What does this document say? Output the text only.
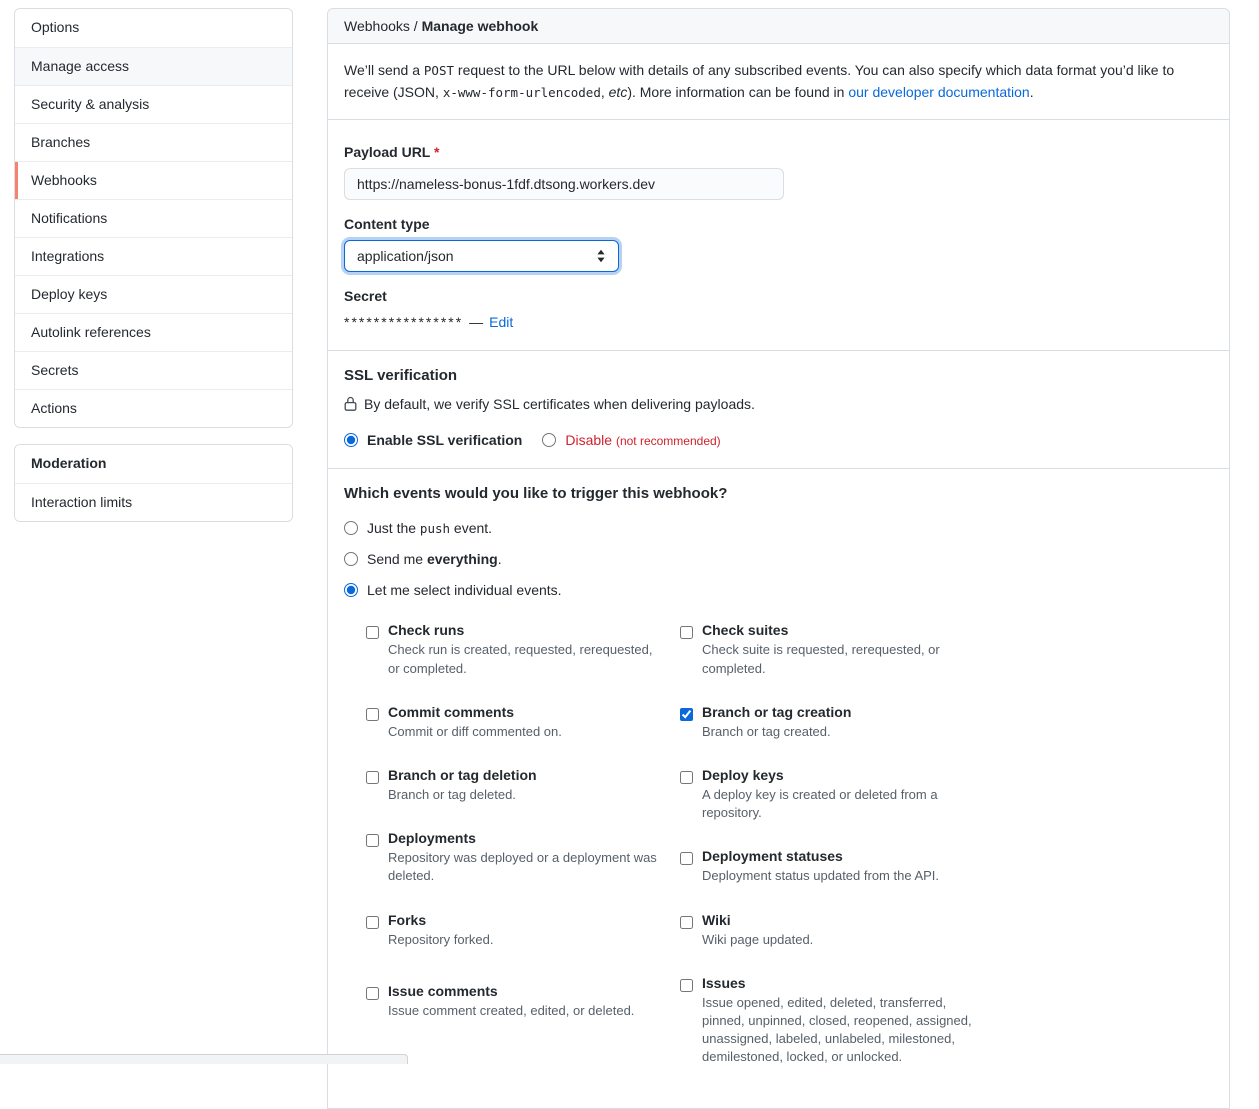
Options
Manage access
Security & analysis
Branches
Webhooks
Notifications
Integrations
Deploy keys
Autolink references
Secrets
Actions
Moderation
Interaction limits
Webhooks / Manage webhook

We’ll send a POST request to the URL below with details of any subscribed events. You can also specify which data format you’d like to receive (JSON, x-www-form-urlencoded, etc). More information can be found in our developer documentation.

Payload URL *
https://nameless-bonus-1fdf.dtsong.workers.dev
Content type
application/json
Secret
**************** — Edit
SSL verification
By default, we verify SSL certificates when delivering payloads.
Enable SSL verification	Disable (not recommended)
Which events would you like to trigger this webhook?
Just the push event.
Send me everything.
Let me select individual events.
Check runs
Check run is created, requested, rerequested, or completed.
Commit comments
Commit or diff commented on.
Branch or tag deletion
Branch or tag deleted.
Deployments
Repository was deployed or a deployment was deleted.
Forks
Repository forked.
Issue comments
Issue comment created, edited, or deleted.
Check suites
Check suite is requested, rerequested, or completed.
Branch or tag creation
Branch or tag created.
Deploy keys
A deploy key is created or deleted from a repository.
Deployment statuses
Deployment status updated from the API.
Wiki
Wiki page updated.
Issues
Issue opened, edited, deleted, transferred, pinned, unpinned, closed, reopened, assigned, unassigned, labeled, unlabeled, milestoned, demilestoned, locked, or unlocked.
